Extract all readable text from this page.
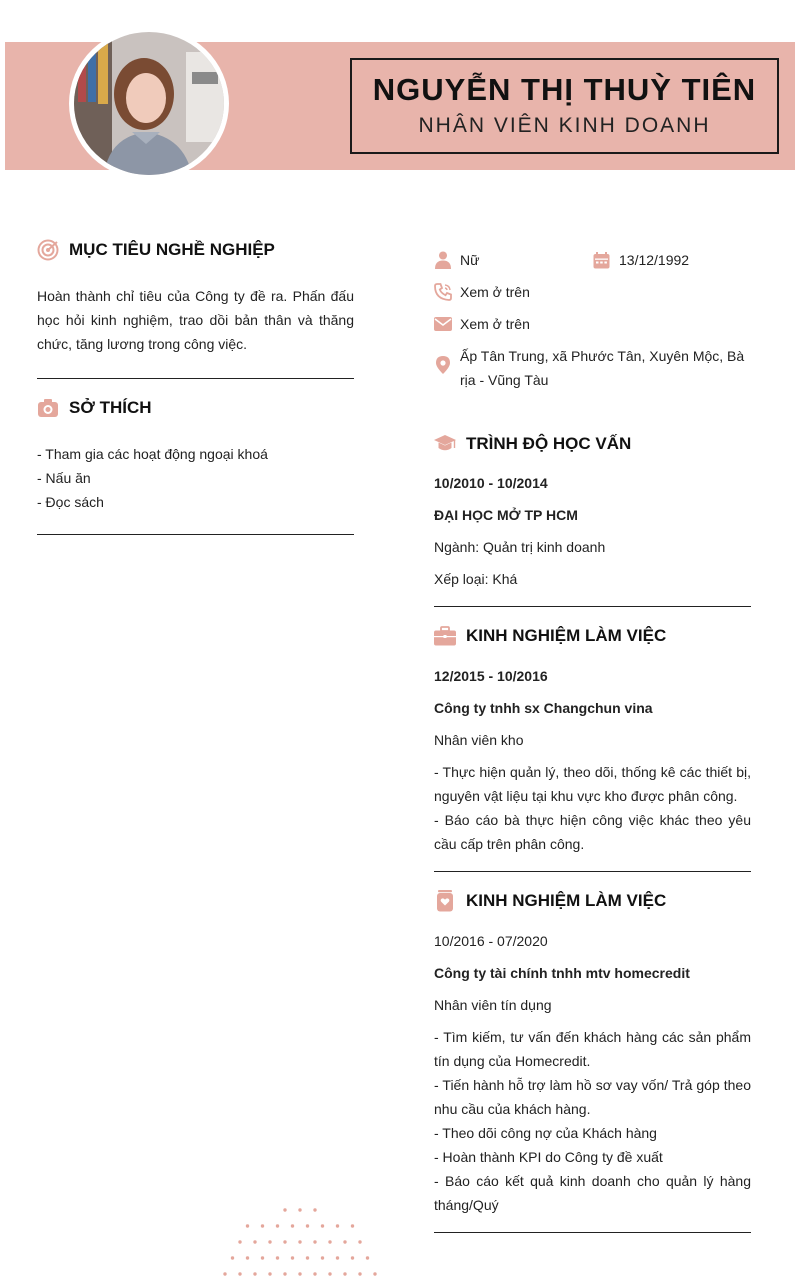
NGUYỄN THỊ THUỲ TIÊN
NHÂN VIÊN KINH DOANH
MỤC TIÊU NGHỀ NGHIỆP

Hoàn thành chỉ tiêu của Công ty đề ra. Phấn đấu học hỏi kinh nghiệm, trao dồi bản thân và thăng chức, tăng lương trong công việc.

SỞ THÍCH
- Tham gia các hoạt động ngoại khoá
- Nấu ăn
- Đọc sách
Nữ	13/12/1992
Xem ở trên
Xem ở trên
Ấp Tân Trung, xã Phước Tân, Xuyên Mộc, Bà rịa - Vũng Tàu
TRÌNH ĐỘ HỌC VẤN
10/2010 - 10/2014
ĐẠI HỌC MỞ TP HCM
Ngành: Quản trị kinh doanh
Xếp loại: Khá
KINH NGHIỆM LÀM VIỆC
12/2015 - 10/2016
Công ty tnhh sx Changchun vina
Nhân viên kho

- Thực hiện quản lý, theo dõi, thống kê các thiết bị, nguyên vật liệu tại khu vực kho được phân công.

- Báo cáo bà thực hiện công việc khác theo yêu cầu cấp trên phân công.

KINH NGHIỆM LÀM VIỆC
10/2016 - 07/2020
Công ty tài chính tnhh mtv homecredit
Nhân viên tín dụng

- Tìm kiếm, tư vấn đến khách hàng các sản phẩm tín dụng của Homecredit.

- Tiến hành hỗ trợ làm hồ sơ vay vốn/ Trả góp theo nhu cầu của khách hàng.

- Theo dõi công nợ của Khách hàng

- Hoàn thành KPI do Công ty đề xuất

- Báo cáo kết quả kinh doanh cho quản lý hàng tháng/Quý
